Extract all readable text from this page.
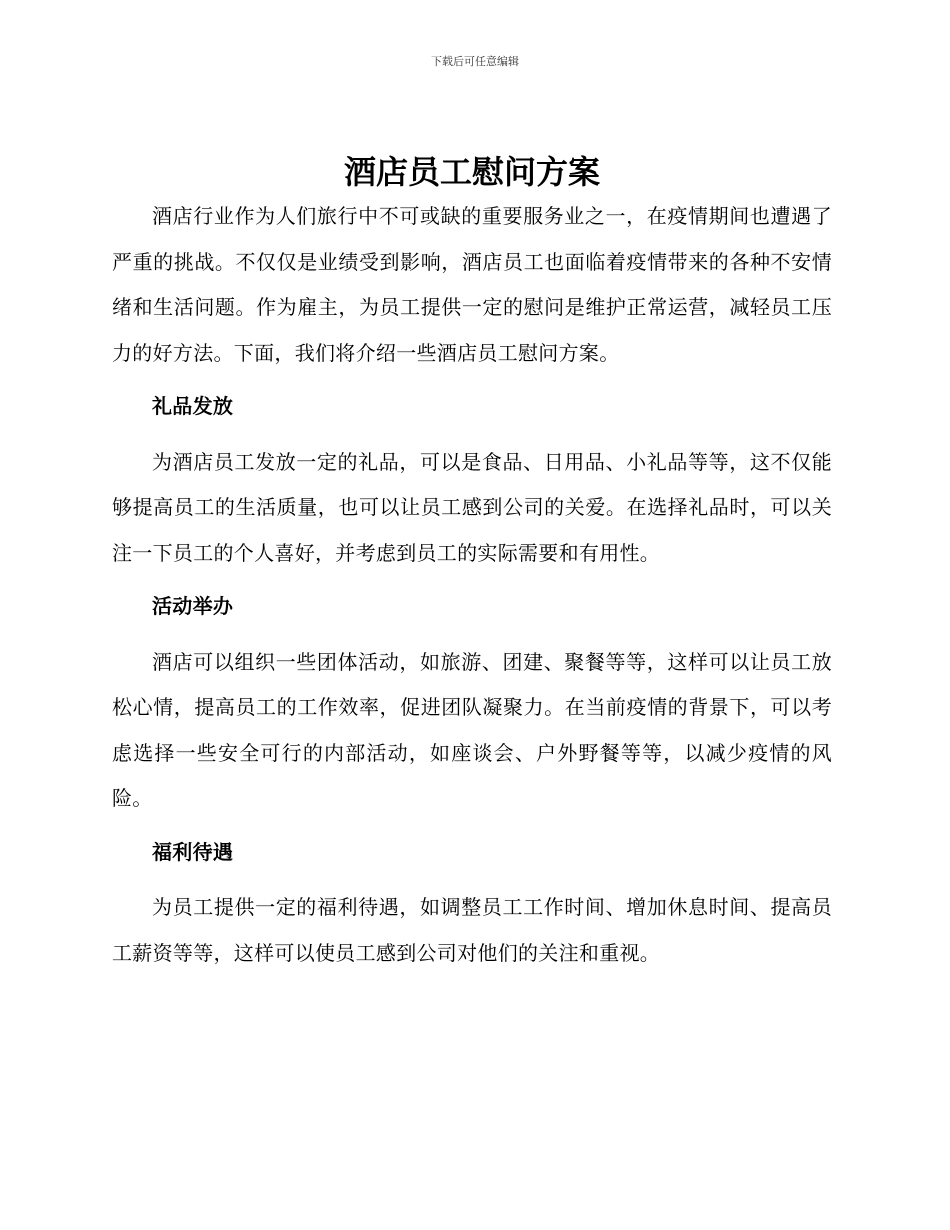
下载后可任意编辑
酒店员工慰问方案

酒店行业作为人们旅行中不可或缺的重要服务业之一，在疫情期间也遭遇了严重的挑战。不仅仅是业绩受到影响，酒店员工也面临着疫情带来的各种不安情绪和生活问题。作为雇主，为员工提供一定的慰问是维护正常运营，减轻员工压力的好方法。下面，我们将介绍一些酒店员工慰问方案。

礼品发放

为酒店员工发放一定的礼品，可以是食品、日用品、小礼品等等，这不仅能够提高员工的生活质量，也可以让员工感到公司的关爱。在选择礼品时，可以关注一下员工的个人喜好，并考虑到员工的实际需要和有用性。

活动举办

酒店可以组织一些团体活动，如旅游、团建、聚餐等等，这样可以让员工放松心情，提高员工的工作效率，促进团队凝聚力。在当前疫情的背景下，可以考虑选择一些安全可行的内部活动，如座谈会、户外野餐等等，以减少疫情的风险。

福利待遇

为员工提供一定的福利待遇，如调整员工工作时间、增加休息时间、提高员工薪资等等，这样可以使员工感到公司对他们的关注和重视。
